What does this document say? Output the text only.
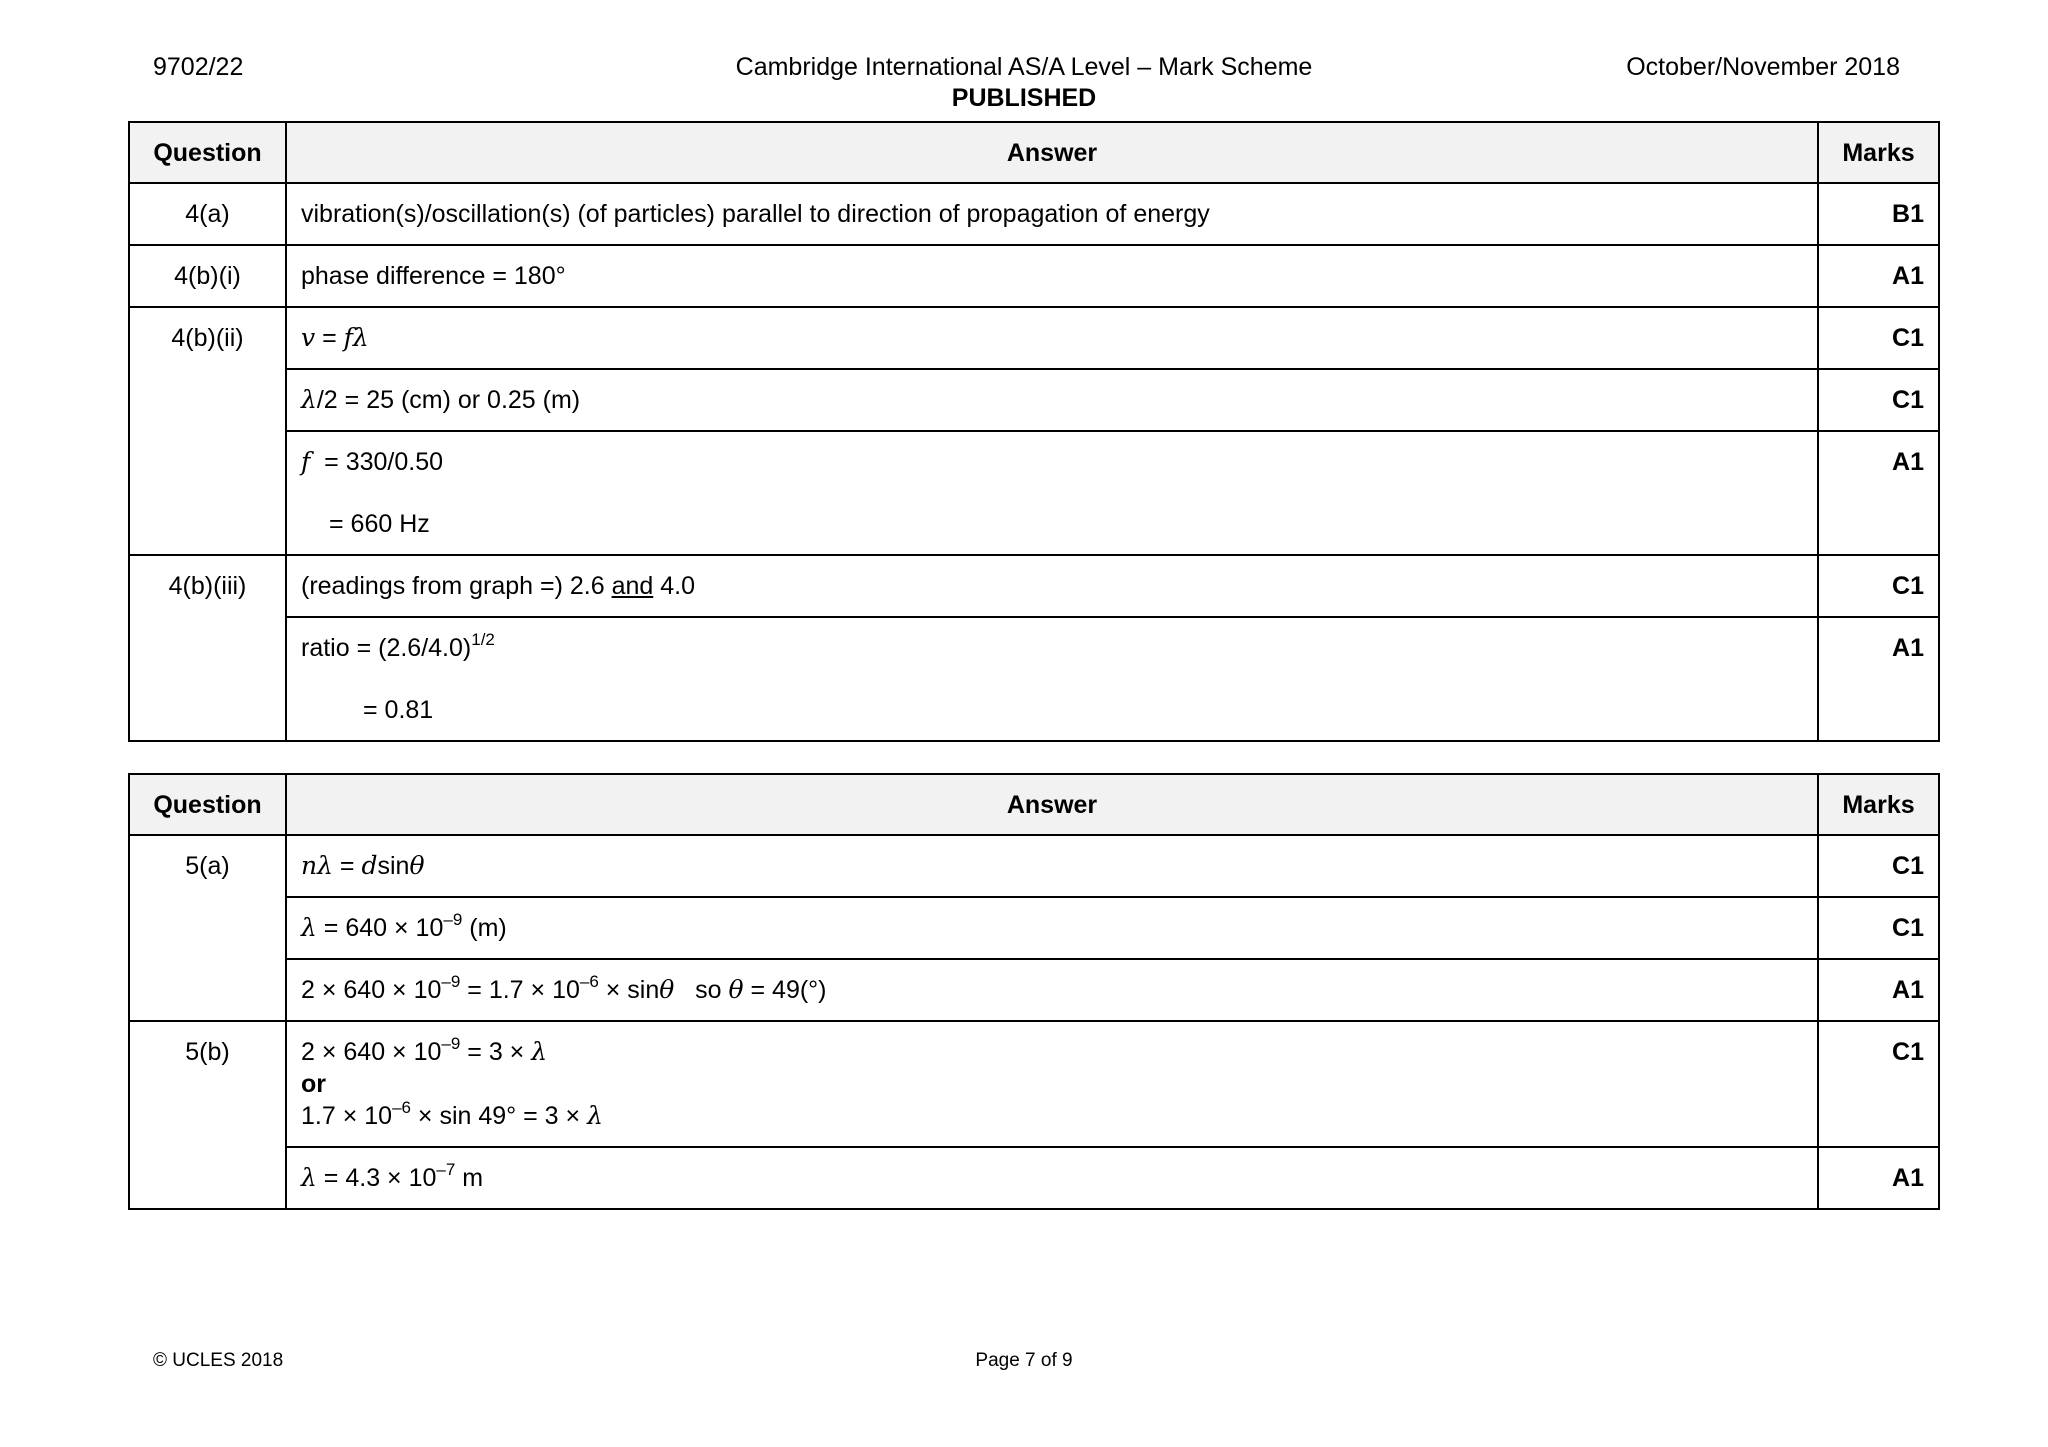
9702/22	Cambridge International AS/A Level – Mark Scheme
PUBLISHED
October/November 2018
Question	Answer	Marks
4(a)	vibration(s)/oscillation(s) (of particles) parallel to direction of propagation of energy	B1
4(b)(i)	phase difference = 180°	A1
4(b)(ii)	v = fλ	C1

	λ/2 = 25 (cm) or 0.25 (m)	C1

	f  = 330/0.50
= 660 Hz	A1
4(b)(iii)	(readings from graph =) 2.6 and 4.0	C1

	ratio = $(2.6/4.0)^{1/2}$
= 0.81	A1
Question	Answer	Marks
5(a)	nλ = dsinθ	C1

	$\lambda = 640 \times 10^{-9}$ (m)	C1

	$2 \times 640 \times 10^{-9} = 1.7 \times 10^{-6} \times \sin\theta$   so θ = 49(°)	A1
5(b)	$2 \times 640 \times 10^{-9} = 3 \times \lambda$
or
$1.7 \times 10^{-6} \times \sin 49^\circ = 3 \times \lambda$	C1

	$\lambda = 4.3 \times 10^{-7}$ m	A1
© UCLES 2018	Page 7 of 9
